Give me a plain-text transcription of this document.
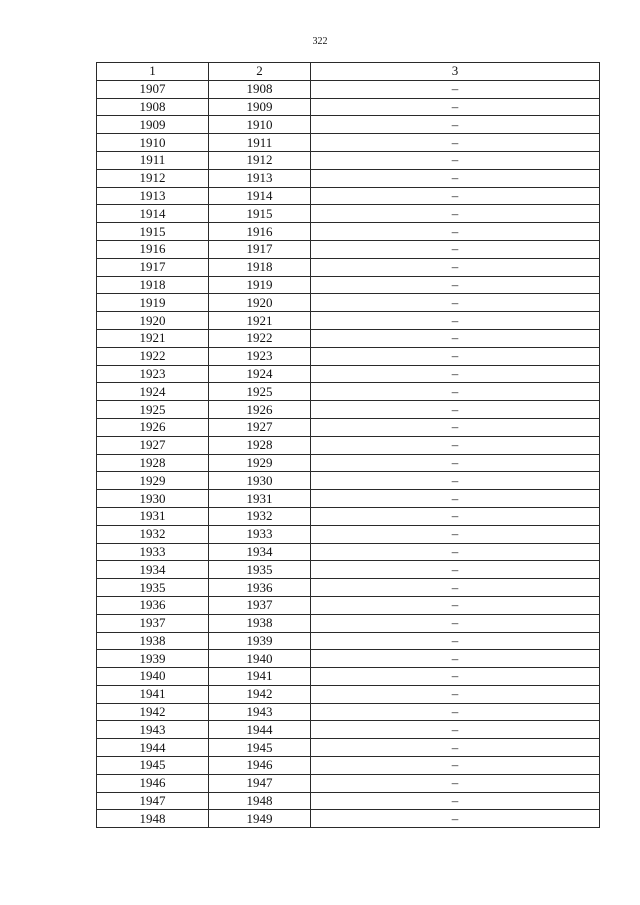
322
1	2	3
1907	1908	–
1908	1909	–
1909	1910	–
1910	1911	–
1911	1912	–
1912	1913	–
1913	1914	–
1914	1915	–
1915	1916	–
1916	1917	–
1917	1918	–
1918	1919	–
1919	1920	–
1920	1921	–
1921	1922	–
1922	1923	–
1923	1924	–
1924	1925	–
1925	1926	–
1926	1927	–
1927	1928	–
1928	1929	–
1929	1930	–
1930	1931	–
1931	1932	–
1932	1933	–
1933	1934	–
1934	1935	–
1935	1936	–
1936	1937	–
1937	1938	–
1938	1939	–
1939	1940	–
1940	1941	–
1941	1942	–
1942	1943	–
1943	1944	–
1944	1945	–
1945	1946	–
1946	1947	–
1947	1948	–
1948	1949	–
